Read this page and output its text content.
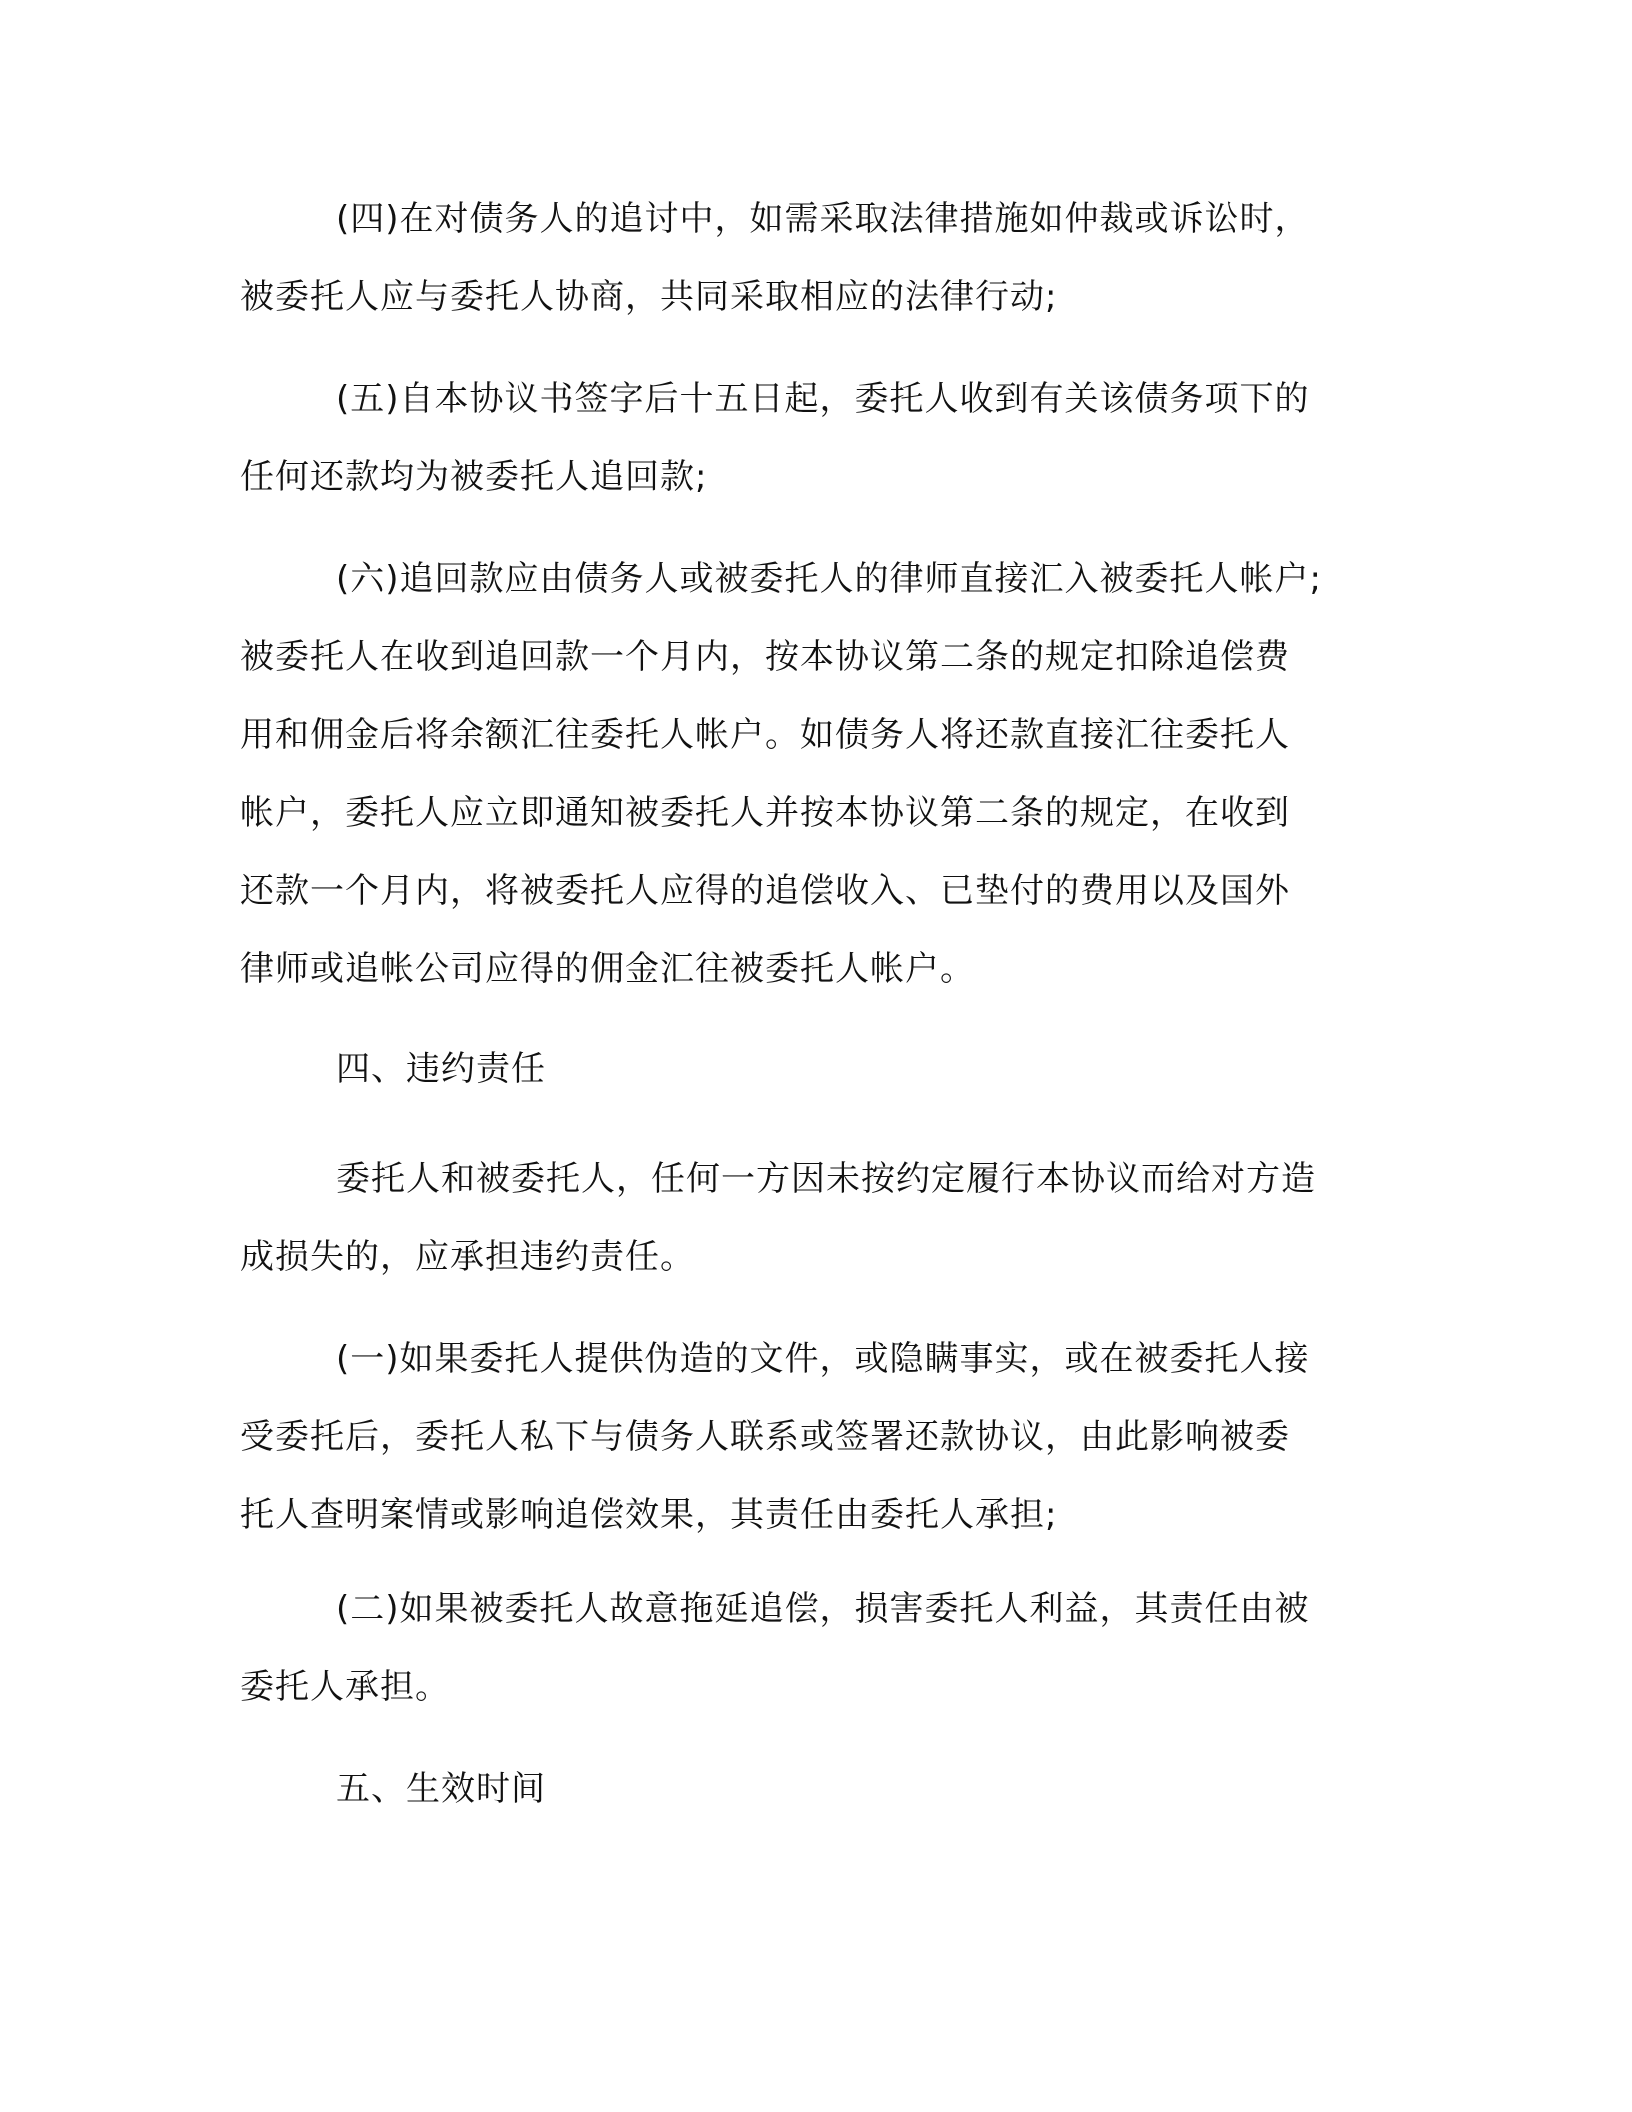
(四)在对债务人的追讨中，如需采取法律措施如仲裁或诉讼时，
被委托人应与委托人协商，共同采取相应的法律行动;
(五)自本协议书签字后十五日起，委托人收到有关该债务项下的
任何还款均为被委托人追回款;
(六)追回款应由债务人或被委托人的律师直接汇入被委托人帐户;
被委托人在收到追回款一个月内，按本协议第二条的规定扣除追偿费
用和佣金后将余额汇往委托人帐户。如债务人将还款直接汇往委托人
帐户，委托人应立即通知被委托人并按本协议第二条的规定，在收到
还款一个月内，将被委托人应得的追偿收入、已垫付的费用以及国外
律师或追帐公司应得的佣金汇往被委托人帐户。
四、违约责任
委托人和被委托人，任何一方因未按约定履行本协议而给对方造
成损失的，应承担违约责任。
(一)如果委托人提供伪造的文件，或隐瞒事实，或在被委托人接
受委托后，委托人私下与债务人联系或签署还款协议，由此影响被委
托人查明案情或影响追偿效果，其责任由委托人承担;
(二)如果被委托人故意拖延追偿，损害委托人利益，其责任由被
委托人承担。
五、生效时间
